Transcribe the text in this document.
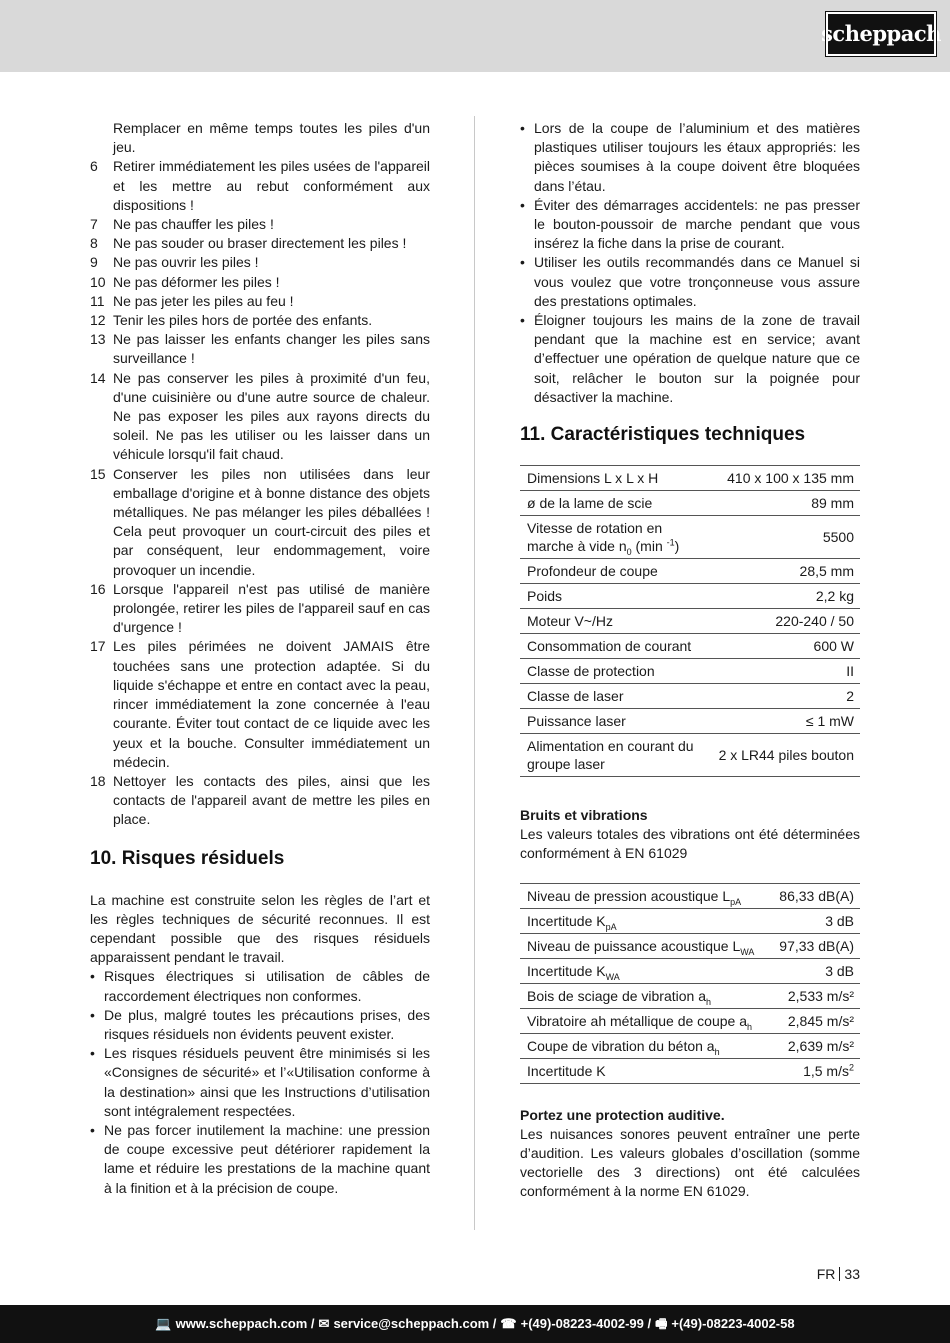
scheppach
Remplacer en même temps toutes les piles d'un jeu.
6	Retirer immédiatement les piles usées de l'appareil et les mettre au rebut conformément aux dispositions !
7	Ne pas chauffer les piles !
8	Ne pas souder ou braser directement les piles !
9	Ne pas ouvrir les piles !
10 Ne pas déformer les piles !
11 Ne pas jeter les piles au feu !
12 Tenir les piles hors de portée des enfants.
13 Ne pas laisser les enfants changer les piles sans surveillance !
14 Ne pas conserver les piles à proximité d'un feu, d'une cuisinière ou d'une autre source de chaleur. Ne pas exposer les piles aux rayons directs du soleil. Ne pas les utiliser ou les laisser dans un véhicule lorsqu'il fait chaud.
15 Conserver les piles non utilisées dans leur emballage d'origine et à bonne distance des objets métalliques. Ne pas mélanger les piles déballées ! Cela peut provoquer un court-circuit des piles et par conséquent, leur endommagement, voire provoquer un incendie.
16 Lorsque l'appareil n'est pas utilisé de manière prolongée, retirer les piles de l'appareil sauf en cas d'urgence !
17 Les piles périmées ne doivent JAMAIS être touchées sans une protection adaptée. Si du liquide s'échappe et entre en contact avec la peau, rincer immédiatement la zone concernée à l'eau courante. Éviter tout contact de ce liquide avec les yeux et la bouche. Consulter immédiatement un médecin.
18 Nettoyer les contacts des piles, ainsi que les contacts de l'appareil avant de mettre les piles en place.
10. Risques résiduels

La machine est construite selon les règles de l’art et les règles techniques de sécurité reconnues. Il est cependant possible que des risques résiduels apparaissent pendant le travail.

• Risques électriques si utilisation de câbles de raccordement électriques non conformes.
• De plus, malgré toutes les précautions prises, des risques résiduels non évidents peuvent exister.
• Les risques résiduels peuvent être minimisés si les «Consignes de sécurité» et l’«Utilisation conforme à la destination» ainsi que les Instructions d’utilisation sont intégralement respectées.
• Ne pas forcer inutilement la machine: une pression de coupe excessive peut détériorer rapidement la lame et réduire les prestations de la machine quant à la finition et à la précision de coupe.
• Lors de la coupe de l’aluminium et des matières plastiques utiliser toujours les étaux appropriés: les pièces soumises à la coupe doivent être bloquées dans l’étau.
• Éviter des démarrages accidentels: ne pas presser le bouton-poussoir de marche pendant que vous insérez la fiche dans la prise de courant.
• Utiliser les outils recommandés dans ce Manuel si vous voulez que votre tronçonneuse vous assure des prestations optimales.
• Éloigner toujours les mains de la zone de travail pendant que la machine est en service; avant d’effectuer une opération de quelque nature que ce soit, relâcher le bouton sur la poignée pour désactiver la machine.
11. Caractéristiques techniques
Dimensions L x L x H	410 x 100 x 135 mm
ø de la lame de scie	89 mm
Vitesse de rotation en marche à vide $n_0$ (min $^{-1}$)	5500
Profondeur de coupe	28,5 mm
Poids	2,2 kg
Moteur V~/Hz	220-240 / 50
Consommation de courant	600 W
Classe de protection	II
Classe de laser	2
Puissance laser	≤ 1 mW
Alimentation en courant du groupe laser	2 x LR44 piles bouton
Bruits et vibrations

Les valeurs totales des vibrations ont été déterminées conformément à EN 61029

Niveau de pression acoustique $L_{pA}$	86,33 dB(A)
Incertitude $K_{pA}$	3 dB
Niveau de puissance acoustique $L_{WA}$	97,33 dB(A)
Incertitude $K_{WA}$	3 dB
Bois de sciage de vibration $a_h$	2,533 m/s²
Vibratoire ah métallique de coupe $a_h$	2,845 m/s²
Coupe de vibration du béton $a_h$	2,639 m/s²
Incertitude K	1,5 $m/s^2$
Portez une protection auditive.

Les nuisances sonores peuvent entraîner une perte d’audition. Les valeurs globales d’oscillation (somme vectorielle des 3 directions) ont été calculées conformément à la norme EN 61029.

FR 33
💻 www.scheppach.com / ✉ service@scheppach.com / ☎ +(49)-08223-4002-99 / 🖷 +(49)-08223-4002-58
